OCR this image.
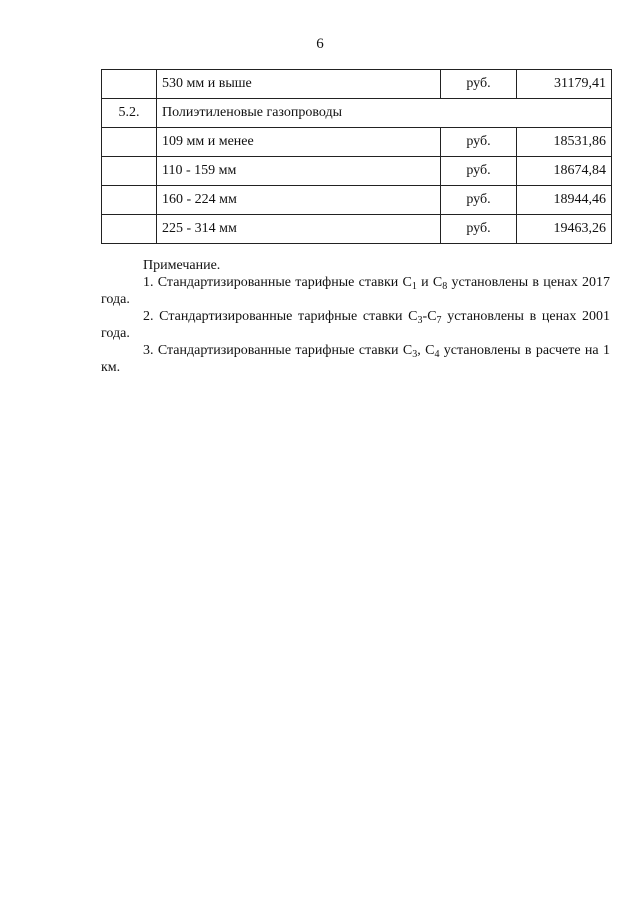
6
	530 мм и выше	руб.	31179,41
5.2.	Полиэтиленовые газопроводы		
	109 мм и менее	руб.	18531,86
	110 - 159 мм	руб.	18674,84
	160 - 224 мм	руб.	18944,46
	225 - 314 мм	руб.	19463,26

Примечание.

1. Стандартизированные тарифные ставки $С_1$ и $С_8$ установлены в ценах 2017 года.

2. Стандартизированные тарифные ставки $С_3-С_7$ установлены в ценах 2001 года.

3. Стандартизированные тарифные ставки $С_3$, $С_4$ установлены в расчете на 1 км.
